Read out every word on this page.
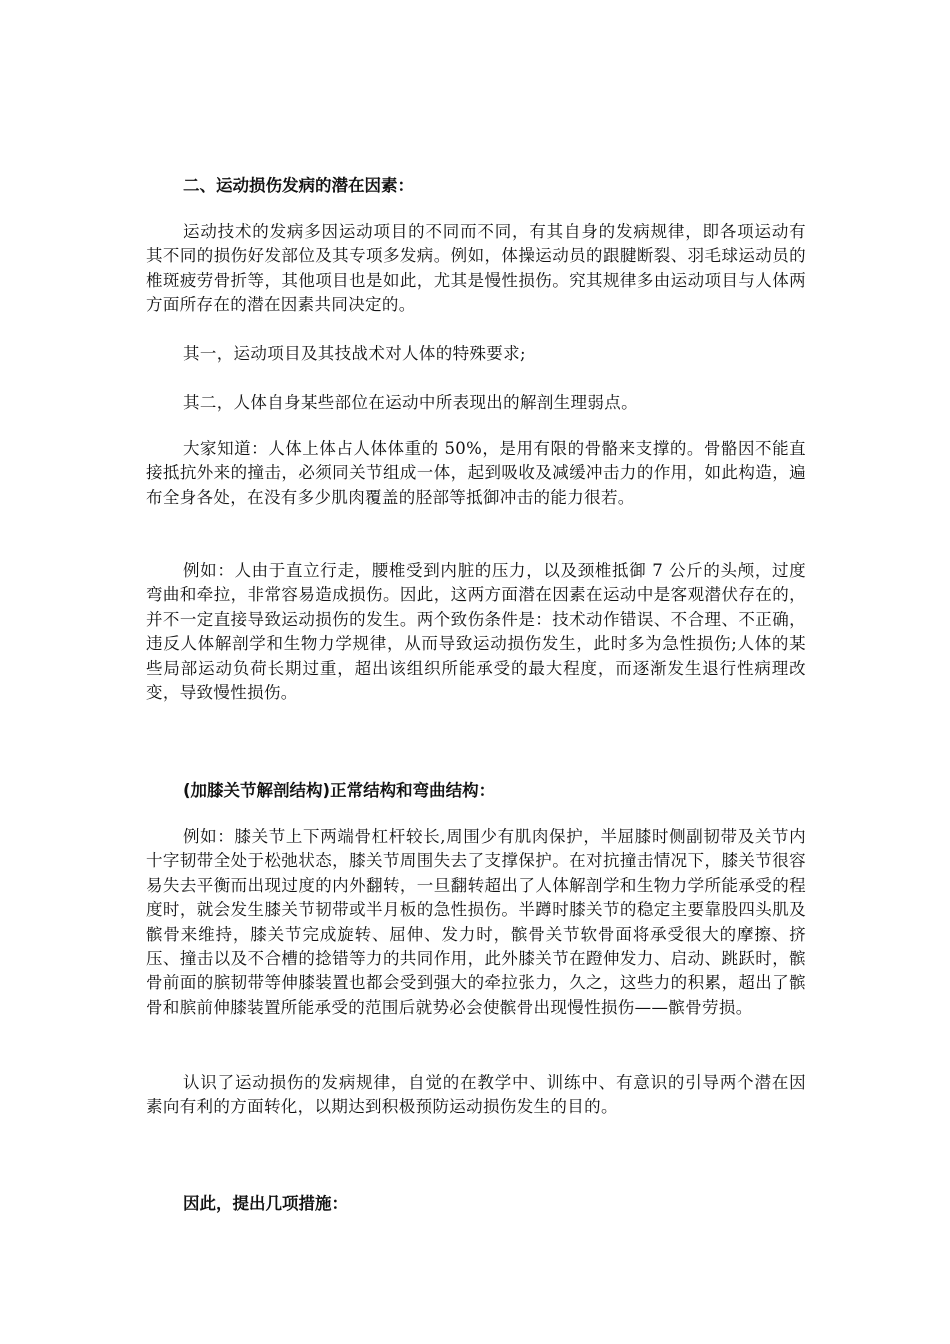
二、运动损伤发病的潜在因素：

运动技术的发病多因运动项目的不同而不同，有其自身的发病规律，即各项运动有其不同的损伤好发部位及其专项多发病。例如，体操运动员的跟腱断裂、羽毛球运动员的椎斑疲劳骨折等，其他项目也是如此，尤其是慢性损伤。究其规律多由运动项目与人体两方面所存在的潜在因素共同决定的。

其一，运动项目及其技战术对人体的特殊要求;

其二，人体自身某些部位在运动中所表现出的解剖生理弱点。

大家知道：人体上体占人体体重的 50%，是用有限的骨骼来支撑的。骨骼因不能直接抵抗外来的撞击，必须同关节组成一体，起到吸收及减缓冲击力的作用，如此构造，遍布全身各处，在没有多少肌肉覆盖的胫部等抵御冲击的能力很若。

例如：人由于直立行走，腰椎受到内脏的压力，以及颈椎抵御 7 公斤的头颅，过度弯曲和牵拉，非常容易造成损伤。因此，这两方面潜在因素在运动中是客观潜伏存在的，并不一定直接导致运动损伤的发生。两个致伤条件是：技术动作错误、不合理、不正确，违反人体解剖学和生物力学规律，从而导致运动损伤发生，此时多为急性损伤;人体的某些局部运动负荷长期过重，超出该组织所能承受的最大程度，而逐渐发生退行性病理改变，导致慢性损伤。

(加膝关节解剖结构)正常结构和弯曲结构：

例如：膝关节上下两端骨杠杆较长,周围少有肌肉保护，半屈膝时侧副韧带及关节内十字韧带全处于松弛状态，膝关节周围失去了支撑保护。在对抗撞击情况下，膝关节很容易失去平衡而出现过度的内外翻转，一旦翻转超出了人体解剖学和生物力学所能承受的程度时，就会发生膝关节韧带或半月板的急性损伤。半蹲时膝关节的稳定主要靠股四头肌及髌骨来维持，膝关节完成旋转、屈伸、发力时，髌骨关节软骨面将承受很大的摩擦、挤压、撞击以及不合槽的捻错等力的共同作用，此外膝关节在蹬伸发力、启动、跳跃时，髌骨前面的膑韧带等伸膝装置也都会受到强大的牵拉张力，久之，这些力的积累，超出了髌骨和膑前伸膝装置所能承受的范围后就势必会使髌骨出现慢性损伤——髌骨劳损。

认识了运动损伤的发病规律，自觉的在教学中、训练中、有意识的引导两个潜在因素向有利的方面转化，以期达到积极预防运动损伤发生的目的。

因此，提出几项措施：
